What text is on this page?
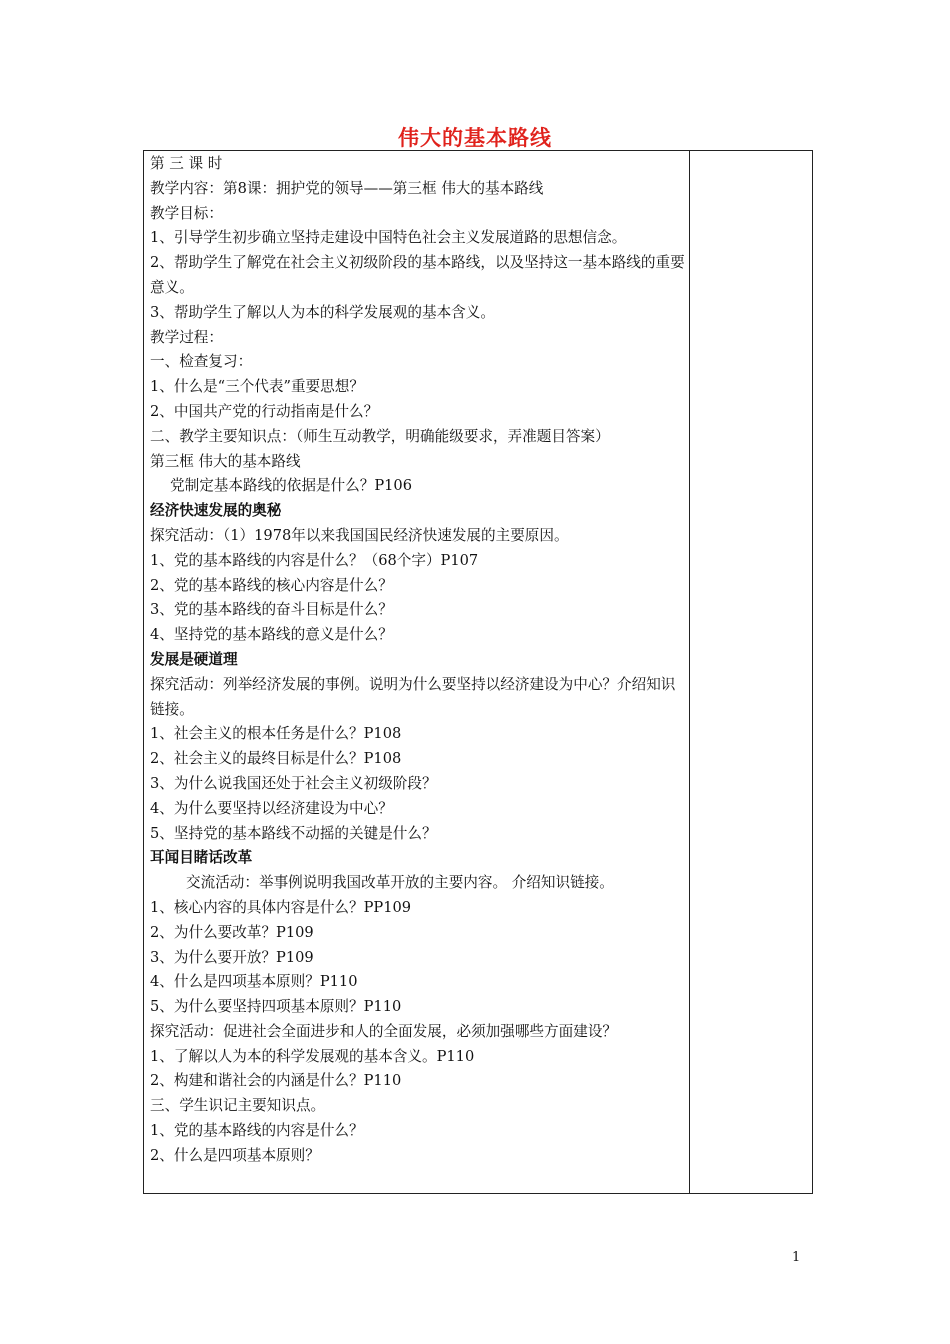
伟大的基本路线
第 三 课 时
教学内容：第8课：拥护党的领导——第三框 伟大的基本路线
教学目标：
1、引导学生初步确立坚持走建设中国特色社会主义发展道路的思想信念。
2、帮助学生了解党在社会主义初级阶段的基本路线，以及坚持这一基本路线的重要意义。
3、帮助学生了解以人为本的科学发展观的基本含义。
教学过程：
一、检查复习：
1、什么是“三个代表”重要思想？
2、中国共产党的行动指南是什么？
二、教学主要知识点：（师生互动教学，明确能级要求，弄准题目答案）
第三框 伟大的基本路线
党制定基本路线的依据是什么？P106
经济快速发展的奥秘
探究活动：（1）1978年以来我国国民经济快速发展的主要原因。
1、党的基本路线的内容是什么？（68个字）P107
2、党的基本路线的核心内容是什么？
3、党的基本路线的奋斗目标是什么？
4、坚持党的基本路线的意义是什么？
发展是硬道理
探究活动：列举经济发展的事例。说明为什么要坚持以经济建设为中心？介绍知识链接。
1、社会主义的根本任务是什么？P108
2、社会主义的最终目标是什么？P108
3、为什么说我国还处于社会主义初级阶段？
4、为什么要坚持以经济建设为中心？
5、坚持党的基本路线不动摇的关键是什么？
耳闻目睹话改革
交流活动：举事例说明我国改革开放的主要内容。 介绍知识链接。
1、核心内容的具体内容是什么？PP109
2、为什么要改革？P109
3、为什么要开放？P109
4、什么是四项基本原则？P110
5、为什么要坚持四项基本原则？P110
探究活动：促进社会全面进步和人的全面发展，必须加强哪些方面建设？
1、了解以人为本的科学发展观的基本含义。P110
2、构建和谐社会的内涵是什么？P110
三、学生识记主要知识点。
1、党的基本路线的内容是什么？
2、什么是四项基本原则？
1
